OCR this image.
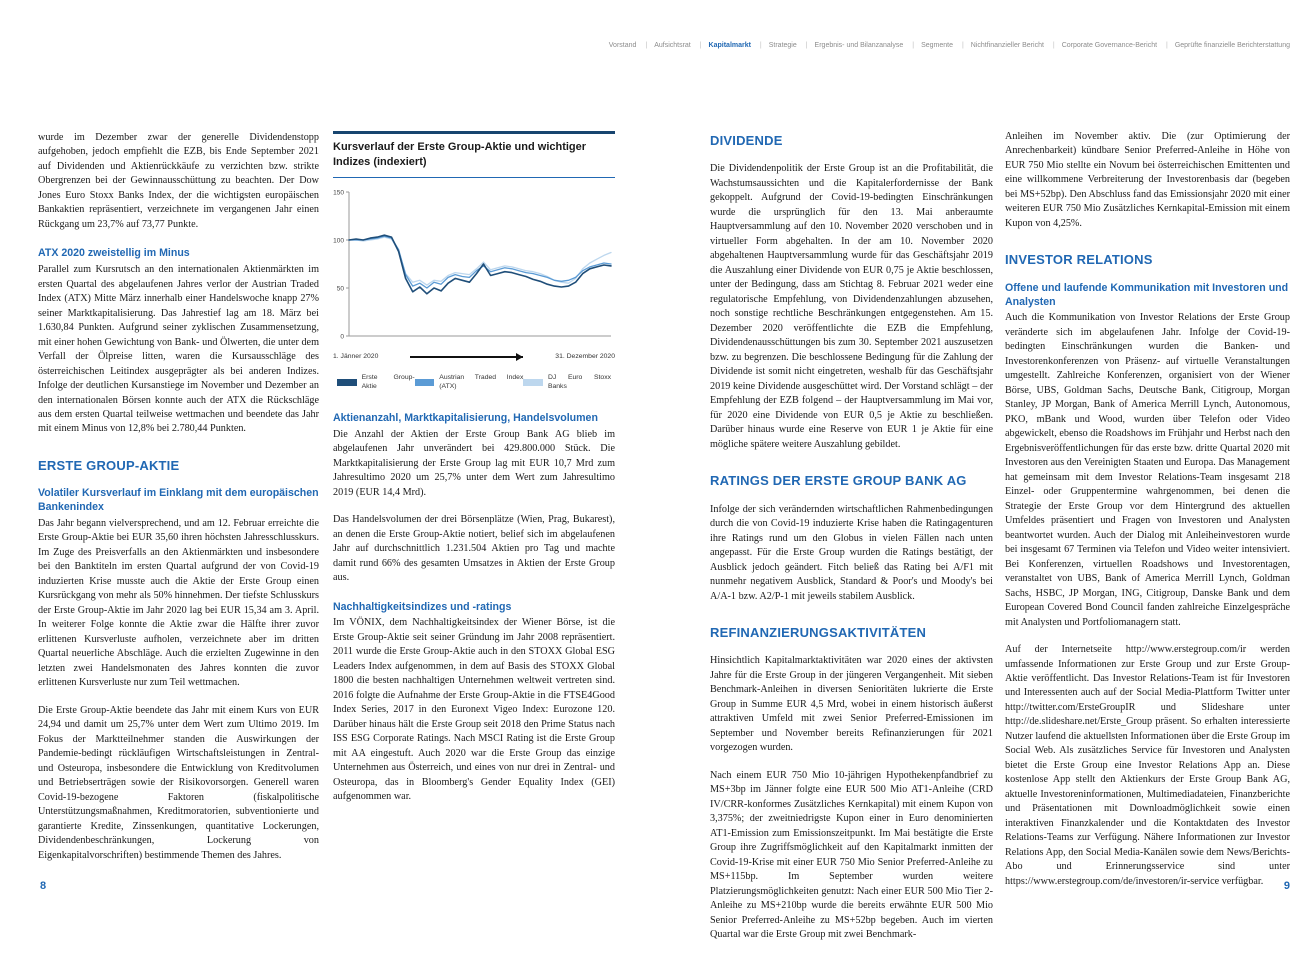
Vorstand	| Aufsichtsrat	| Kapitalmarkt	| Strategie	| Ergebnis- und Bilanzanalyse	| Segmente	| Nichtfinanzieller Bericht	| Corporate Governance-Bericht	| Geprüfte finanzielle Berichterstattung

wurde im Dezember zwar der generelle Dividendenstopp aufgehoben, jedoch empfiehlt die EZB, bis Ende September 2021 auf Dividenden und Aktienrückkäufe zu verzichten bzw. strikte Obergrenzen bei der Gewinnausschüttung zu beachten. Der Dow Jones Euro Stoxx Banks Index, der die wichtigsten europäischen Bankaktien repräsentiert, verzeichnete im vergangenen Jahr einen Rückgang um 23,7% auf 73,77 Punkte.

ATX 2020 zweistellig im Minus

Parallel zum Kursrutsch an den internationalen Aktienmärkten im ersten Quartal des abgelaufenen Jahres verlor der Austrian Traded Index (ATX) Mitte März innerhalb einer Handelswoche knapp 27% seiner Marktkapitalisierung. Das Jahrestief lag am 18. März bei 1.630,84 Punkten. Aufgrund seiner zyklischen Zusammensetzung, mit einer hohen Gewichtung von Bank- und Ölwerten, die unter dem Verfall der Ölpreise litten, waren die Kursausschläge des österreichischen Leitindex ausgeprägter als bei anderen Indizes. Infolge der deutlichen Kursanstiege im November und Dezember an den internationalen Börsen konnte auch der ATX die Rückschläge aus dem ersten Quartal teilweise wettmachen und beendete das Jahr mit einem Minus von 12,8% bei 2.780,44 Punkten.

ERSTE GROUP-AKTIE
Volatiler Kursverlauf im Einklang mit dem europäischen Bankenindex

Das Jahr begann vielversprechend, und am 12. Februar erreichte die Erste Group-Aktie bei EUR 35,60 ihren höchsten Jahresschlusskurs. Im Zuge des Preisverfalls an den Aktienmärkten und insbesondere bei den Banktiteln im ersten Quartal aufgrund der von Covid-19 induzierten Krise musste auch die Aktie der Erste Group einen Kursrückgang von mehr als 50% hinnehmen. Der tiefste Schlusskurs der Erste Group-Aktie im Jahr 2020 lag bei EUR 15,34 am 3. April. In weiterer Folge konnte die Aktie zwar die Hälfte ihrer zuvor erlittenen Kursverluste aufholen, verzeichnete aber im dritten Quartal neuerliche Abschläge. Auch die erzielten Zugewinne in den letzten zwei Handelsmonaten des Jahres konnten die zuvor erlittenen Kursverluste nur zum Teil wettmachen.

Die Erste Group-Aktie beendete das Jahr mit einem Kurs von EUR 24,94 und damit um 25,7% unter dem Wert zum Ultimo 2019. Im Fokus der Marktteilnehmer standen die Auswirkungen der Pandemie-bedingt rückläufigen Wirtschaftsleistungen in Zentral- und Osteuropa, insbesondere die Entwicklung von Kreditvolumen und Betriebserträgen sowie der Risikovorsorgen. Generell waren Covid-19-bezogene Faktoren (fiskalpolitische Unterstützungsmaßnahmen, Kreditmoratorien, subventionierte und garantierte Kredite, Zinssenkungen, quantitative Lockerungen, Dividendenbeschränkungen, Lockerung von Eigenkapitalvorschriften) bestimmende Themen des Jahres.

Kursverlauf der Erste Group-Aktie und wichtiger Indizes (indexiert)
0
50
100
150
1. Jänner 2020	31. Dezember 2020
Erste Group-Aktie
Austrian Traded Index (ATX)
DJ Euro Stoxx Banks
Aktienanzahl, Marktkapitalisierung, Handelsvolumen

Die Anzahl der Aktien der Erste Group Bank AG blieb im abgelaufenen Jahr unverändert bei 429.800.000 Stück. Die Marktkapitalisierung der Erste Group lag mit EUR 10,7 Mrd zum Jahresultimo 2020 um 25,7% unter dem Wert zum Jahresultimo 2019 (EUR 14,4 Mrd).

Das Handelsvolumen der drei Börsenplätze (Wien, Prag, Bukarest), an denen die Erste Group-Aktie notiert, belief sich im abgelaufenen Jahr auf durchschnittlich 1.231.504 Aktien pro Tag und machte damit rund 66% des gesamten Umsatzes in Aktien der Erste Group aus.

Nachhaltigkeitsindizes und -ratings

Im VÖNIX, dem Nachhaltigkeitsindex der Wiener Börse, ist die Erste Group-Aktie seit seiner Gründung im Jahr 2008 repräsentiert. 2011 wurde die Erste Group-Aktie auch in den STOXX Global ESG Leaders Index aufgenommen, in dem auf Basis des STOXX Global 1800 die besten nachhaltigen Unternehmen weltweit vertreten sind. 2016 folgte die Aufnahme der Erste Group-Aktie in die FTSE4Good Index Series, 2017 in den Euronext Vigeo Index: Eurozone 120. Darüber hinaus hält die Erste Group seit 2018 den Prime Status nach ISS ESG Corporate Ratings. Nach MSCI Rating ist die Erste Group mit AA eingestuft. Auch 2020 war die Erste Group das einzige Unternehmen aus Österreich, und eines von nur drei in Zentral- und Osteuropa, das in Bloomberg's Gender Equality Index (GEI) aufgenommen war.

DIVIDENDE

Die Dividendenpolitik der Erste Group ist an die Profitabilität, die Wachstumsaussichten und die Kapitalerfordernisse der Bank gekoppelt. Aufgrund der Covid-19-bedingten Einschränkungen wurde die ursprünglich für den 13. Mai anberaumte Hauptversammlung auf den 10. November 2020 verschoben und in virtueller Form abgehalten. In der am 10. November 2020 abgehaltenen Hauptversammlung wurde für das Geschäftsjahr 2019 die Auszahlung einer Dividende von EUR 0,75 je Aktie beschlossen, unter der Bedingung, dass am Stichtag 8. Februar 2021 weder eine regulatorische Empfehlung, von Dividendenzahlungen abzusehen, noch sonstige rechtliche Beschränkungen entgegenstehen. Am 15. Dezember 2020 veröffentlichte die EZB die Empfehlung, Dividendenausschüttungen bis zum 30. September 2021 auszusetzen bzw. zu begrenzen. Die beschlossene Bedingung für die Zahlung der Dividende ist somit nicht eingetreten, weshalb für das Geschäftsjahr 2019 keine Dividende ausgeschüttet wird. Der Vorstand schlägt – der Empfehlung der EZB folgend – der Hauptversammlung im Mai vor, für 2020 eine Dividende von EUR 0,5 je Aktie zu beschließen. Darüber hinaus wurde eine Reserve von EUR 1 je Aktie für eine mögliche spätere weitere Auszahlung gebildet.

RATINGS DER ERSTE GROUP BANK AG

Infolge der sich verändernden wirtschaftlichen Rahmenbedingungen durch die von Covid-19 induzierte Krise haben die Ratingagenturen ihre Ratings rund um den Globus in vielen Fällen nach unten angepasst. Für die Erste Group wurden die Ratings bestätigt, der Ausblick jedoch geändert. Fitch beließ das Rating bei A/F1 mit nunmehr negativem Ausblick, Standard & Poor's und Moody's bei A/A-1 bzw. A2/P-1 mit jeweils stabilem Ausblick.

REFINANZIERUNGSAKTIVITÄTEN

Hinsichtlich Kapitalmarktaktivitäten war 2020 eines der aktivsten Jahre für die Erste Group in der jüngeren Vergangenheit. Mit sieben Benchmark-Anleihen in diversen Senioritäten lukrierte die Erste Group in Summe EUR 4,5 Mrd, wobei in einem historisch äußerst attraktiven Umfeld mit zwei Senior Preferred-Emissionen im September und November bereits Refinanzierungen für 2021 vorgezogen wurden.

Nach einem EUR 750 Mio 10-jährigen Hypothekenpfandbrief zu MS+3bp im Jänner folgte eine EUR 500 Mio AT1-Anleihe (CRD IV/CRR-konformes Zusätzliches Kernkapital) mit einem Kupon von 3,375%; der zweitniedrigste Kupon einer in Euro denominierten AT1-Emission zum Emissionszeitpunkt. Im Mai bestätigte die Erste Group ihre Zugriffsmöglichkeit auf den Kapitalmarkt inmitten der Covid-19-Krise mit einer EUR 750 Mio Senior Preferred-Anleihe zu MS+115bp. Im September wurden weitere Platzierungsmöglichkeiten genutzt: Nach einer EUR 500 Mio Tier 2-Anleihe zu MS+210bp wurde die bereits erwähnte EUR 500 Mio Senior Preferred-Anleihe zu MS+52bp begeben. Auch im vierten Quartal war die Erste Group mit zwei Benchmark-

Anleihen im November aktiv. Die (zur Optimierung der Anrechenbarkeit) kündbare Senior Preferred-Anleihe in Höhe von EUR 750 Mio stellte ein Novum bei österreichischen Emittenten und eine willkommene Verbreiterung der Investorenbasis dar (begeben bei MS+52bp). Den Abschluss fand das Emissionsjahr 2020 mit einer weiteren EUR 750 Mio Zusätzliches Kernkapital-Emission mit einem Kupon von 4,25%.

INVESTOR RELATIONS
Offene und laufende Kommunikation mit Investoren und Analysten

Auch die Kommunikation von Investor Relations der Erste Group veränderte sich im abgelaufenen Jahr. Infolge der Covid-19-bedingten Einschränkungen wurden die Banken- und Investorenkonferenzen von Präsenz- auf virtuelle Veranstaltungen umgestellt. Zahlreiche Konferenzen, organisiert von der Wiener Börse, UBS, Goldman Sachs, Deutsche Bank, Citigroup, Morgan Stanley, JP Morgan, Bank of America Merrill Lynch, Autonomous, PKO, mBank und Wood, wurden über Telefon oder Video abgewickelt, ebenso die Roadshows im Frühjahr und Herbst nach den Ergebnisveröffentlichungen für das erste bzw. dritte Quartal 2020 mit Investoren aus den Vereinigten Staaten und Europa. Das Management hat gemeinsam mit dem Investor Relations-Team insgesamt 218 Einzel- oder Gruppentermine wahrgenommen, bei denen die Strategie der Erste Group vor dem Hintergrund des aktuellen Umfeldes präsentiert und Fragen von Investoren und Analysten beantwortet wurden. Auch der Dialog mit Anleiheinvestoren wurde bei insgesamt 67 Terminen via Telefon und Video weiter intensiviert. Bei Konferenzen, virtuellen Roadshows und Investorentagen, veranstaltet von UBS, Bank of America Merrill Lynch, Goldman Sachs, HSBC, JP Morgan, ING, Citigroup, Danske Bank und dem European Covered Bond Council fanden zahlreiche Einzelgespräche mit Analysten und Portfoliomanagern statt.

Auf der Internetseite http://www.erstegroup.com/ir werden umfassende Informationen zur Erste Group und zur Erste Group-Aktie veröffentlicht. Das Investor Relations-Team ist für Investoren und Interessenten auch auf der Social Media-Plattform Twitter unter http://twitter.com/ErsteGroupIR und Slideshare unter http://de.slideshare.net/Erste_Group präsent. So erhalten interessierte Nutzer laufend die aktuellsten Informationen über die Erste Group im Social Web. Als zusätzliches Service für Investoren und Analysten bietet die Erste Group eine Investor Relations App an. Diese kostenlose App stellt den Aktienkurs der Erste Group Bank AG, aktuelle Investoreninformationen, Multimediadateien, Finanzberichte und Präsentationen mit Downloadmöglichkeit sowie einen interaktiven Finanzkalender und die Kontaktdaten des Investor Relations-Teams zur Verfügung. Nähere Informationen zur Investor Relations App, den Social Media-Kanälen sowie dem News/Berichts-Abo und Erinnerungsservice sind unter https://www.erstegroup.com/de/investoren/ir-service verfügbar.

8	9
